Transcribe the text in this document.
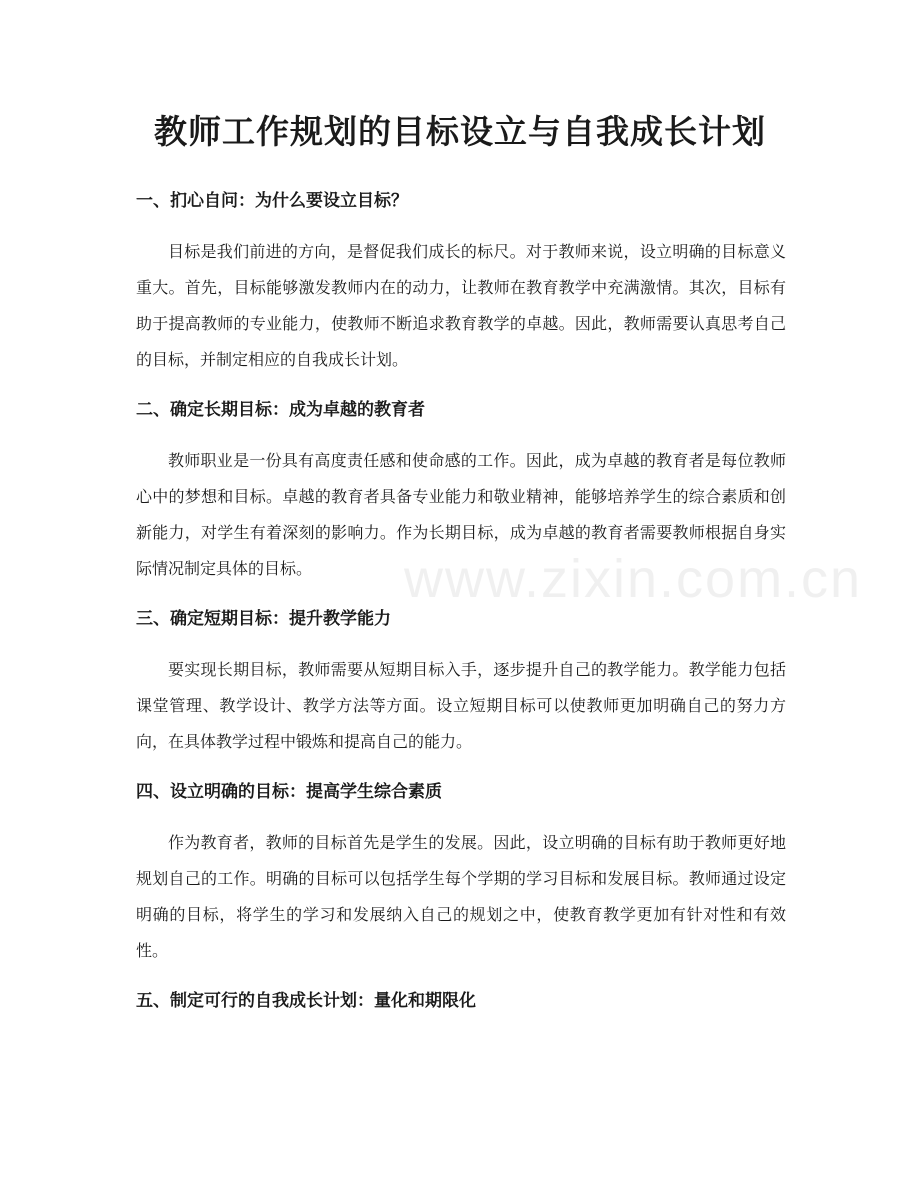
教师工作规划的目标设立与自我成长计划
一、扪心自问：为什么要设立目标？

目标是我们前进的方向，是督促我们成长的标尺。对于教师来说，设立明确的目标意义重大。首先，目标能够激发教师内在的动力，让教师在教育教学中充满激情。其次，目标有助于提高教师的专业能力，使教师不断追求教育教学的卓越。因此，教师需要认真思考自己的目标，并制定相应的自我成长计划。

二、确定长期目标：成为卓越的教育者

教师职业是一份具有高度责任感和使命感的工作。因此，成为卓越的教育者是每位教师心中的梦想和目标。卓越的教育者具备专业能力和敬业精神，能够培养学生的综合素质和创新能力，对学生有着深刻的影响力。作为长期目标，成为卓越的教育者需要教师根据自身实际情况制定具体的目标。

三、确定短期目标：提升教学能力

要实现长期目标，教师需要从短期目标入手，逐步提升自己的教学能力。教学能力包括课堂管理、教学设计、教学方法等方面。设立短期目标可以使教师更加明确自己的努力方向，在具体教学过程中锻炼和提高自己的能力。

四、设立明确的目标：提高学生综合素质

作为教育者，教师的目标首先是学生的发展。因此，设立明确的目标有助于教师更好地规划自己的工作。明确的目标可以包括学生每个学期的学习目标和发展目标。教师通过设定明确的目标，将学生的学习和发展纳入自己的规划之中，使教育教学更加有针对性和有效性。

五、制定可行的自我成长计划：量化和期限化
www.zixin.com.cn
